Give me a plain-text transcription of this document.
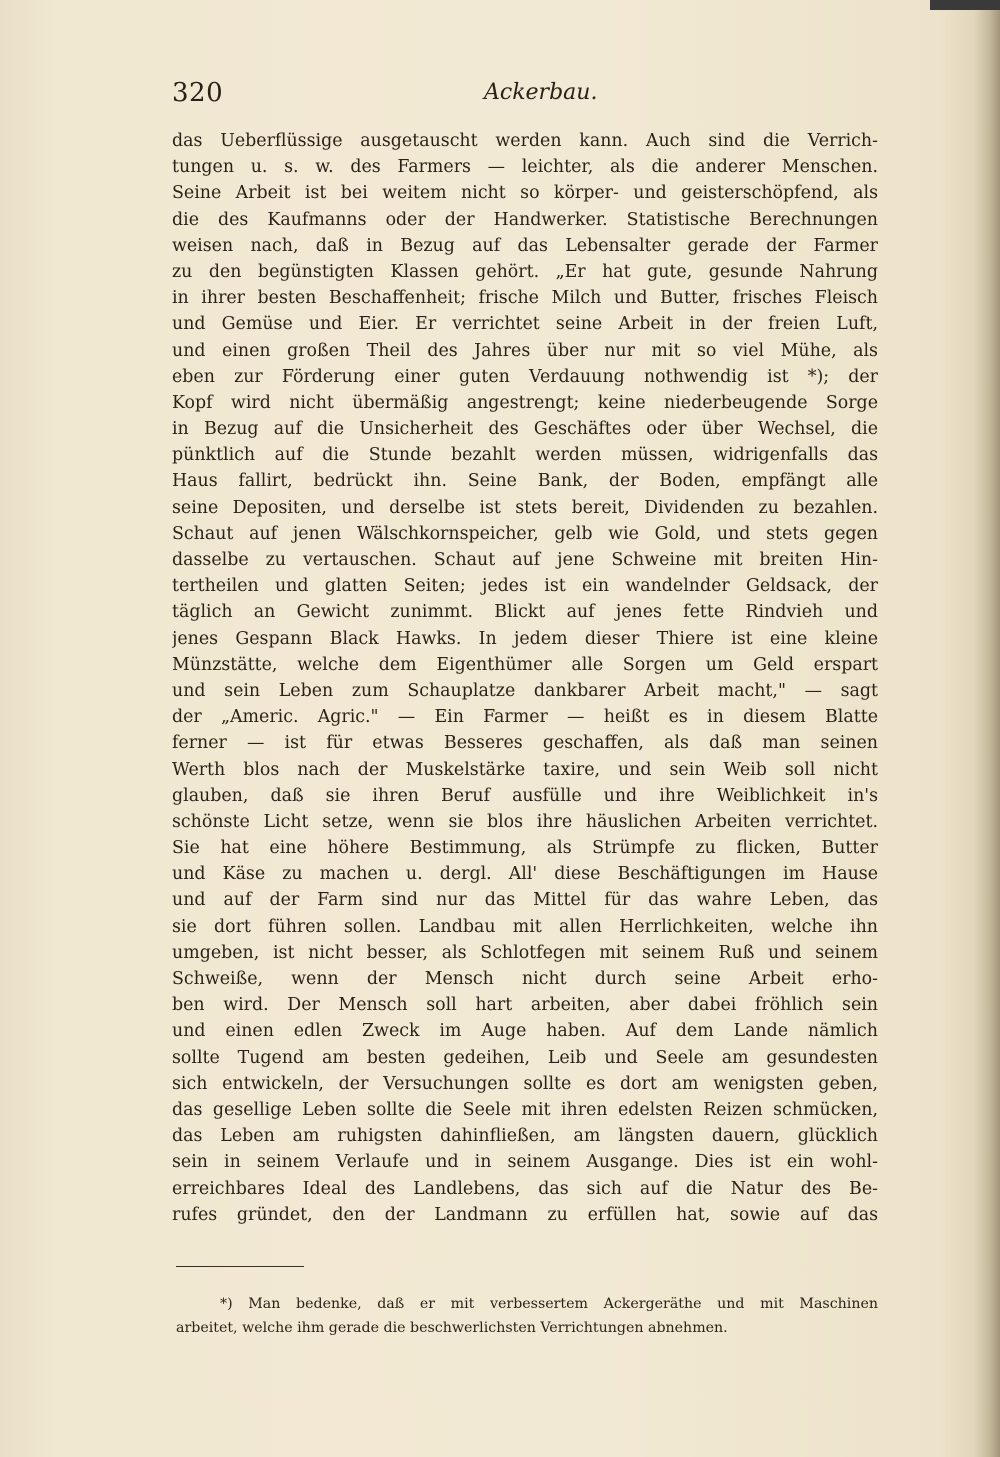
320	Ackerbau.
das Ueberflüssige ausgetauscht werden kann. Auch sind die Verrich-
tungen u. s. w. des Farmers — leichter, als die anderer Menschen.
Seine Arbeit ist bei weitem nicht so körper- und geisterschöpfend, als
die des Kaufmanns oder der Handwerker. Statistische Berechnungen
weisen nach, daß in Bezug auf das Lebensalter gerade der Farmer
zu den begünstigten Klassen gehört. „Er hat gute, gesunde Nahrung
in ihrer besten Beschaffenheit; frische Milch und Butter, frisches Fleisch
und Gemüse und Eier. Er verrichtet seine Arbeit in der freien Luft,
und einen großen Theil des Jahres über nur mit so viel Mühe, als
eben zur Förderung einer guten Verdauung nothwendig ist *); der
Kopf wird nicht übermäßig angestrengt; keine niederbeugende Sorge
in Bezug auf die Unsicherheit des Geschäftes oder über Wechsel, die
pünktlich auf die Stunde bezahlt werden müssen, widrigenfalls das
Haus fallirt, bedrückt ihn. Seine Bank, der Boden, empfängt alle
seine Depositen, und derselbe ist stets bereit, Dividenden zu bezahlen.
Schaut auf jenen Wälschkornspeicher, gelb wie Gold, und stets gegen
dasselbe zu vertauschen. Schaut auf jene Schweine mit breiten Hin-
tertheilen und glatten Seiten; jedes ist ein wandelnder Geldsack, der
täglich an Gewicht zunimmt. Blickt auf jenes fette Rindvieh und
jenes Gespann Black Hawks. In jedem dieser Thiere ist eine kleine
Münzstätte, welche dem Eigenthümer alle Sorgen um Geld erspart
und sein Leben zum Schauplatze dankbarer Arbeit macht," — sagt
der „Americ. Agric." — Ein Farmer — heißt es in diesem Blatte
ferner — ist für etwas Besseres geschaffen, als daß man seinen
Werth blos nach der Muskelstärke taxire, und sein Weib soll nicht
glauben, daß sie ihren Beruf ausfülle und ihre Weiblichkeit in's
schönste Licht setze, wenn sie blos ihre häuslichen Arbeiten verrichtet.
Sie hat eine höhere Bestimmung, als Strümpfe zu flicken, Butter
und Käse zu machen u. dergl. All' diese Beschäftigungen im Hause
und auf der Farm sind nur das Mittel für das wahre Leben, das
sie dort führen sollen. Landbau mit allen Herrlichkeiten, welche ihn
umgeben, ist nicht besser, als Schlotfegen mit seinem Ruß und seinem
Schweiße, wenn der Mensch nicht durch seine Arbeit erho-
ben wird. Der Mensch soll hart arbeiten, aber dabei fröhlich sein
und einen edlen Zweck im Auge haben. Auf dem Lande nämlich
sollte Tugend am besten gedeihen, Leib und Seele am gesundesten
sich entwickeln, der Versuchungen sollte es dort am wenigsten geben,
das gesellige Leben sollte die Seele mit ihren edelsten Reizen schmücken,
das Leben am ruhigsten dahinfließen, am längsten dauern, glücklich
sein in seinem Verlaufe und in seinem Ausgange. Dies ist ein wohl-
erreichbares Ideal des Landlebens, das sich auf die Natur des Be-
rufes gründet, den der Landmann zu erfüllen hat, sowie auf das
*) Man bedenke, daß er mit verbessertem Ackergeräthe und mit Maschinen
arbeitet, welche ihm gerade die beschwerlichsten Verrichtungen abnehmen.
